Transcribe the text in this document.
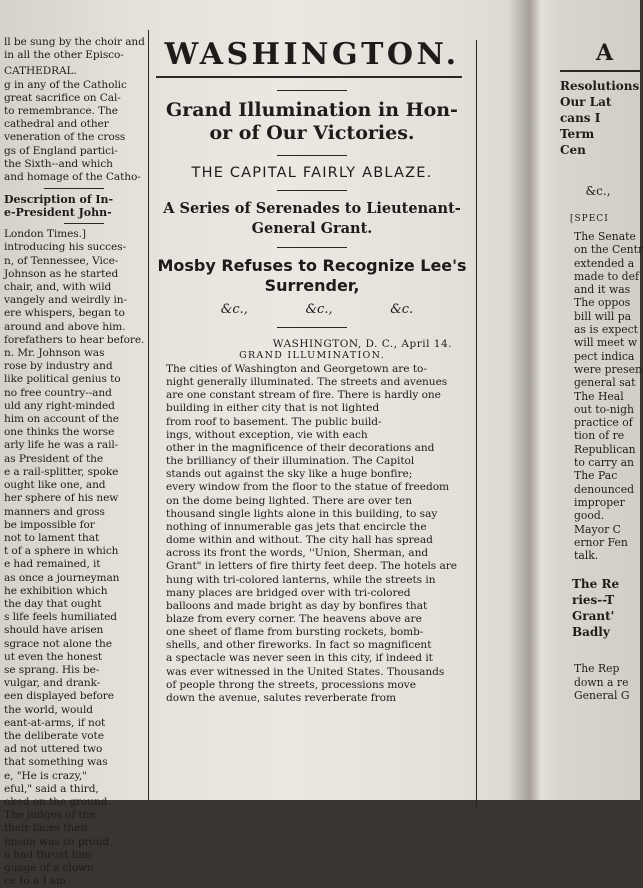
ll be sung by the choir and
in all the other Episco-
CATHEDRAL.
g in any of the Catholic
great sacrifice on Cal-
to remembrance. The
cathedral and other
veneration of the cross
gs of England partici-
the Sixth--and which
and homage of the Catho-
Description of In-
e-President John-
London Times.]
introducing his succes-
n, of Tennessee, Vice-
Johnson as he started
chair, and, with wild
vangely and weirdly in-
ere whispers, began to
around and above him.
forefathers to hear before.
n. Mr. Johnson was
rose by industry and
like political genius to
no free country--and
uld any right-minded
him on account of the
one thinks the worse
arly life he was a rail-
as President of the
e a rail-splitter, spoke
ought like one, and
her sphere of his new
manners and gross
be impossible for
not to lament that
t of a sphere in which
e had remained, it
as once a journeyman
he exhibition which
the day that ought
s life feels humiliated
should have arisen
sgrace not alone the
ut even the honest
se sprang. His be-
vulgar, and drank-
een displayed before
the world, would
eant-at-arms, if not
the deliberate vote
ad not uttered two
that something was
e, "He is crazy,"
eful," said a third,
oked on the ground.
The judges of the
their faces their
hnson was so proud
e had thrust him
guage of a clown
ce to a I am
WASHINGTON.
Grand Illumination in Hon- or of Our Victories.
THE CAPITAL FAIRLY ABLAZE.
A Series of Serenades to Lieutenant- General Grant.
Mosby Refuses to Recognize Lee's Surrender,
&c.,	&c.,	&c.
WASHINGTON, D. C., April 14.
GRAND ILLUMINATION.
The cities of Washington and Georgetown are to-
night generally illuminated. The streets and avenues
are one constant stream of fire. There is hardly one
building in either city that is not lighted
from roof to basement. The public build-
ings, without exception, vie with each
other in the magnificence of their decorations and
the brilliancy of their illumination. The Capitol
stands out against the sky like a huge bonfire;
every window from the floor to the statue of freedom
on the dome being lighted. There are over ten
thousand single lights alone in this building, to say
nothing of innumerable gas jets that encircle the
dome within and without. The city hall has spread
across its front the words, ''Union, Sherman, and
Grant" in letters of fire thirty feet deep. The hotels are
hung with tri-colored lanterns, while the streets in
many places are bridged over with tri-colored
balloons and made bright as day by bonfires that
blaze from every corner. The heavens above are
one sheet of flame from bursting rockets, bomb-
shells, and other fireworks. In fact so magnificent
a spectacle was never seen in this city, if indeed it
was ever witnessed in the United States. Thousands
of people throng the streets, processions move
down the avenue, salutes reverberate from
A
Resolutions
Our Lat
cans I
Term
Cen
&c.,
[SPECI
The Senate
on the Centr
extended a
made to def
and it was
The oppos
bill will pa
as is expect
will meet w
pect indica
were presen
general sat
The Heal
out to-nigh
practice of
tion of re
Republican
to carry an
The Pac
denounced
improper
good.
Mayor C
ernor Fen
talk.
The Re
ries--T
Grant'
Badly
The Rep
down a re
General G
